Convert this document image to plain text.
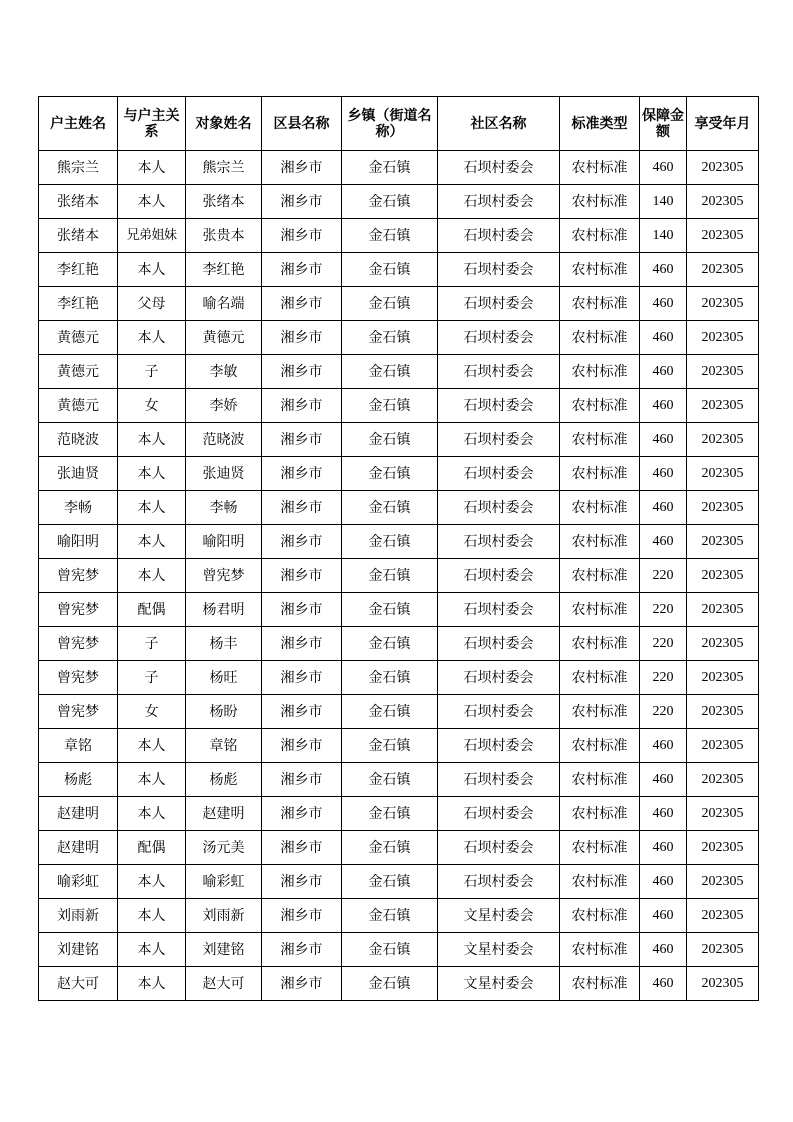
户主姓名	与户主关系	对象姓名	区县名称	乡镇（街道名称）	社区名称	标准类型	保障金额	享受年月
熊宗兰	本人	熊宗兰	湘乡市	金石镇	石坝村委会	农村标准	460	202305
张绪本	本人	张绪本	湘乡市	金石镇	石坝村委会	农村标准	140	202305
张绪本	兄弟姐妹	张贵本	湘乡市	金石镇	石坝村委会	农村标准	140	202305
李红艳	本人	李红艳	湘乡市	金石镇	石坝村委会	农村标准	460	202305
李红艳	父母	喻名端	湘乡市	金石镇	石坝村委会	农村标准	460	202305
黄德元	本人	黄德元	湘乡市	金石镇	石坝村委会	农村标准	460	202305
黄德元	子	李敏	湘乡市	金石镇	石坝村委会	农村标准	460	202305
黄德元	女	李娇	湘乡市	金石镇	石坝村委会	农村标准	460	202305
范晓波	本人	范晓波	湘乡市	金石镇	石坝村委会	农村标准	460	202305
张迪贤	本人	张迪贤	湘乡市	金石镇	石坝村委会	农村标准	460	202305
李畅	本人	李畅	湘乡市	金石镇	石坝村委会	农村标准	460	202305
喻阳明	本人	喻阳明	湘乡市	金石镇	石坝村委会	农村标准	460	202305
曾宪梦	本人	曾宪梦	湘乡市	金石镇	石坝村委会	农村标准	220	202305
曾宪梦	配偶	杨君明	湘乡市	金石镇	石坝村委会	农村标准	220	202305
曾宪梦	子	杨丰	湘乡市	金石镇	石坝村委会	农村标准	220	202305
曾宪梦	子	杨旺	湘乡市	金石镇	石坝村委会	农村标准	220	202305
曾宪梦	女	杨盼	湘乡市	金石镇	石坝村委会	农村标准	220	202305
章铭	本人	章铭	湘乡市	金石镇	石坝村委会	农村标准	460	202305
杨彪	本人	杨彪	湘乡市	金石镇	石坝村委会	农村标准	460	202305
赵建明	本人	赵建明	湘乡市	金石镇	石坝村委会	农村标准	460	202305
赵建明	配偶	汤元美	湘乡市	金石镇	石坝村委会	农村标准	460	202305
喻彩虹	本人	喻彩虹	湘乡市	金石镇	石坝村委会	农村标准	460	202305
刘雨新	本人	刘雨新	湘乡市	金石镇	文星村委会	农村标准	460	202305
刘建铭	本人	刘建铭	湘乡市	金石镇	文星村委会	农村标准	460	202305
赵大可	本人	赵大可	湘乡市	金石镇	文星村委会	农村标准	460	202305
